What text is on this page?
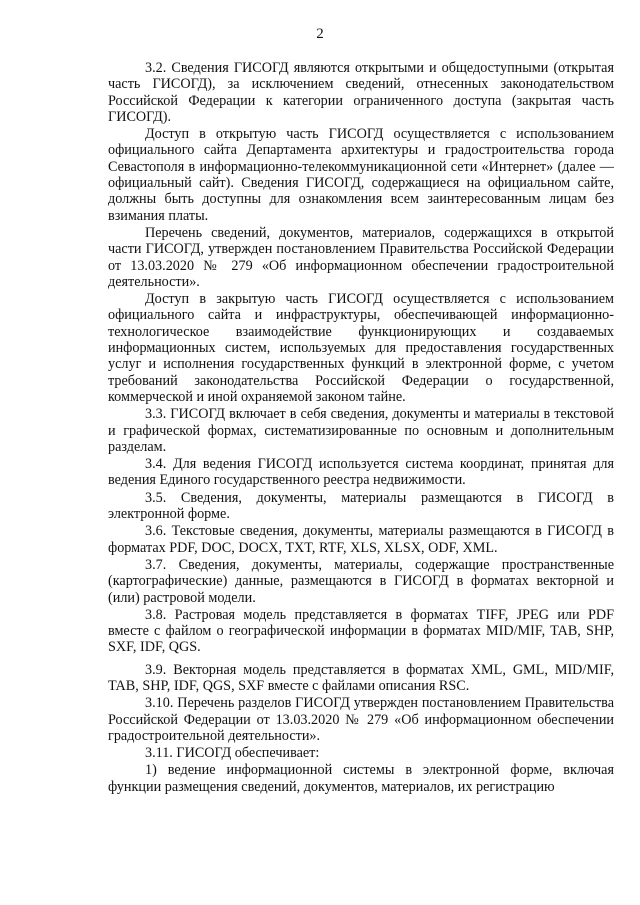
2

3.2. Сведения ГИСОГД являются открытыми и общедоступными (открытая часть ГИСОГД), за исключением сведений, отнесенных законодательством Российской Федерации к категории ограниченного доступа (закрытая часть ГИСОГД).

Доступ в открытую часть ГИСОГД осуществляется с использованием официального сайта Департамента архитектуры и градостроительства города Севастополя в информационно-телекоммуникационной сети «Интернет» (далее — официальный сайт). Сведения ГИСОГД, содержащиеся на официальном сайте, должны быть доступны для ознакомления всем заинтересованным лицам без взимания платы.

Перечень сведений, документов, материалов, содержащихся в открытой части ГИСОГД, утвержден постановлением Правительства Российской Федерации от 13.03.2020 № 279 «Об информационном обеспечении градостроительной деятельности».

Доступ в закрытую часть ГИСОГД осуществляется с использованием официального сайта и инфраструктуры, обеспечивающей информационно-технологическое взаимодействие функционирующих и создаваемых информационных систем, используемых для предоставления государственных услуг и исполнения государственных функций в электронной форме, с учетом требований законодательства Российской Федерации о государственной, коммерческой и иной охраняемой законом тайне.

3.3. ГИСОГД включает в себя сведения, документы и материалы в текстовой и графической формах, систематизированные по основным и дополнительным разделам.

3.4. Для ведения ГИСОГД используется система координат, принятая для ведения Единого государственного реестра недвижимости.

3.5. Сведения, документы, материалы размещаются в ГИСОГД в электронной форме.

3.6. Текстовые сведения, документы, материалы размещаются в ГИСОГД в форматах PDF, DOC, DOCX, TXT, RTF, XLS, XLSX, ODF, XML.

3.7. Сведения, документы, материалы, содержащие пространственные (картографические) данные, размещаются в ГИСОГД в форматах векторной и (или) растровой модели.

3.8. Растровая модель представляется в форматах TIFF, JPEG или PDF вместе с файлом о географической информации в форматах MID/MIF, TAB, SHP, SXF, IDF, QGS.

3.9. Векторная модель представляется в форматах XML, GML, MID/MIF, TAB, SHP, IDF, QGS, SXF вместе с файлами описания RSC.

3.10. Перечень разделов ГИСОГД утвержден постановлением Правительства Российской Федерации от 13.03.2020 № 279 «Об информационном обеспечении градостроительной деятельности».

3.11. ГИСОГД обеспечивает:

1) ведение информационной системы в электронной форме, включая функции размещения сведений, документов, материалов, их регистрацию
